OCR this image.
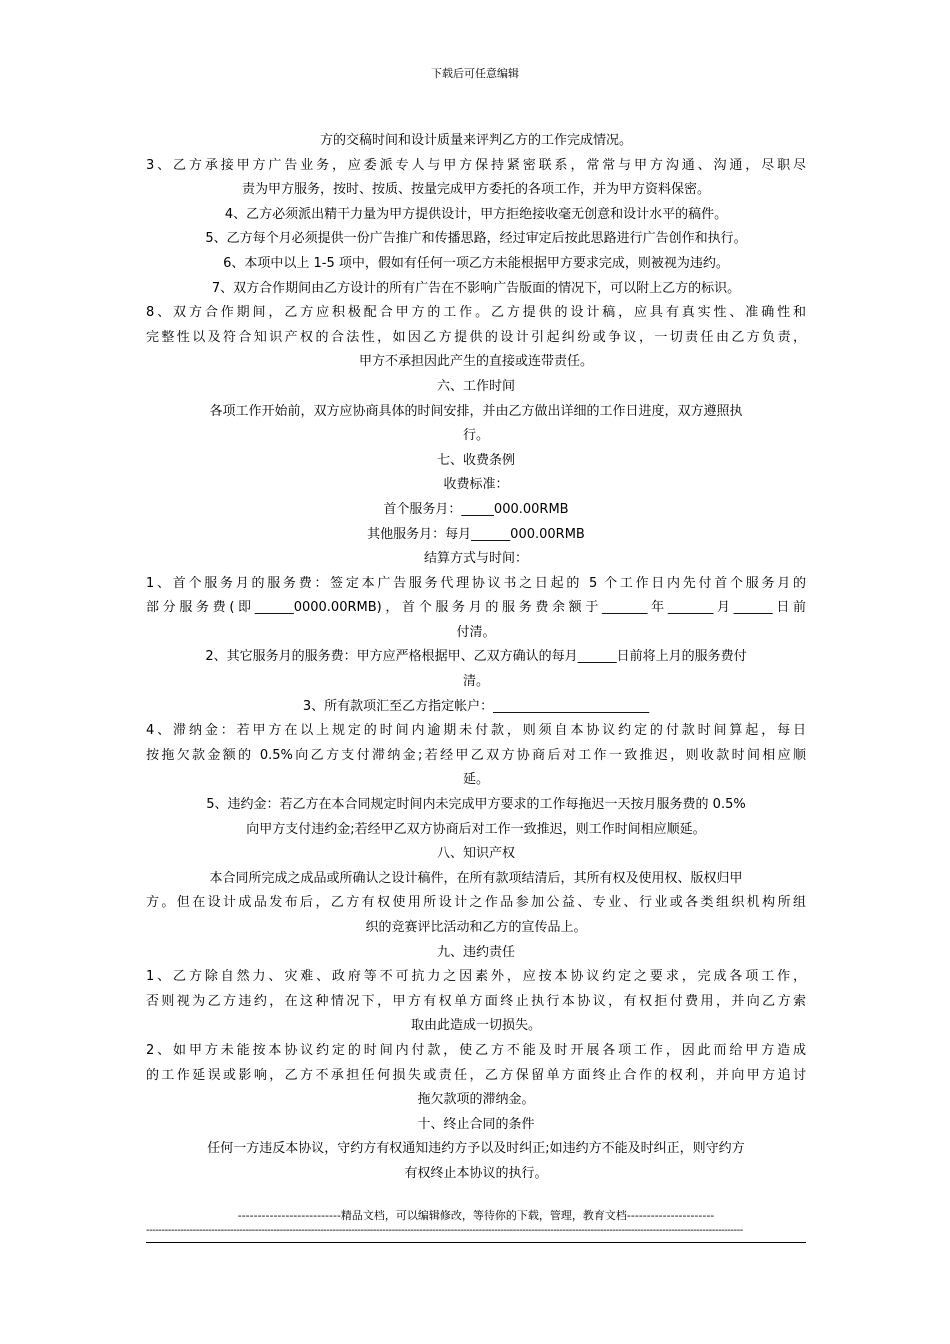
下载后可任意编辑
方的交稿时间和设计质量来评判乙方的工作完成情况。
3、乙方承接甲方广告业务，应委派专人与甲方保持紧密联系，常常与甲方沟通、沟通，尽职尽
责为甲方服务，按时、按质、按量完成甲方委托的各项工作，并为甲方资料保密。
4、乙方必须派出精干力量为甲方提供设计，甲方拒绝接收毫无创意和设计水平的稿件。
5、乙方每个月必须提供一份广告推广和传播思路，经过审定后按此思路进行广告创作和执行。
6、本项中以上 1-5 项中，假如有任何一项乙方未能根据甲方要求完成，则被视为违约。
7、双方合作期间由乙方设计的所有广告在不影响广告版面的情况下，可以附上乙方的标识。
8、双方合作期间，乙方应积极配合甲方的工作。乙方提供的设计稿，应具有真实性、准确性和
完整性以及符合知识产权的合法性，如因乙方提供的设计引起纠纷或争议，一切责任由乙方负责，
甲方不承担因此产生的直接或连带责任。
六、工作时间
各项工作开始前，双方应协商具体的时间安排，并由乙方做出详细的工作日进度，双方遵照执
行。
七、收费条例
收费标准：
首个服务月：_____000.00RMB
其他服务月：每月______000.00RMB
结算方式与时间：
1、首个服务月的服务费：签定本广告服务代理协议书之日起的 5 个工作日内先付首个服务月的
部分服务费(即______0000.00RMB)，首个服务月的服务费余额于_______年_______月______日前
付清。
2、其它服务月的服务费：甲方应严格根据甲、乙双方确认的每月______日前将上月的服务费付
清。
3、所有款项汇至乙方指定帐户：________________________
4、滞纳金：若甲方在以上规定的时间内逾期未付款，则须自本协议约定的付款时间算起，每日
按拖欠款金额的 0.5%向乙方支付滞纳金;若经甲乙双方协商后对工作一致推迟，则收款时间相应顺
延。
5、违约金：若乙方在本合同规定时间内未完成甲方要求的工作每拖迟一天按月服务费的 0.5%
向甲方支付违约金;若经甲乙双方协商后对工作一致推迟，则工作时间相应顺延。
八、知识产权
本合同所完成之成品或所确认之设计稿件，在所有款项结清后，其所有权及使用权、版权归甲
方。但在设计成品发布后，乙方有权使用所设计之作品参加公益、专业、行业或各类组织机构所组
织的竞赛评比活动和乙方的宣传品上。
九、违约责任
1、乙方除自然力、灾难、政府等不可抗力之因素外，应按本协议约定之要求，完成各项工作，
否则视为乙方违约，在这种情况下，甲方有权单方面终止执行本协议，有权拒付费用，并向乙方索
取由此造成一切损失。
2、如甲方未能按本协议约定的时间内付款，使乙方不能及时开展各项工作，因此而给甲方造成
的工作延误或影响，乙方不承担任何损失或责任，乙方保留单方面终止合作的权利，并向甲方追讨
拖欠款项的滞纳金。
十、终止合同的条件
任何一方违反本协议，守约方有权通知违约方予以及时纠正;如违约方不能及时纠正，则守约方
有权终止本协议的执行。
--------------------------精品文档，可以编辑修改，等待你的下载，管理，教育文档----------------------
------------------------------------------------------------------------------------------------------------------------------------------------------------------------------------------------
